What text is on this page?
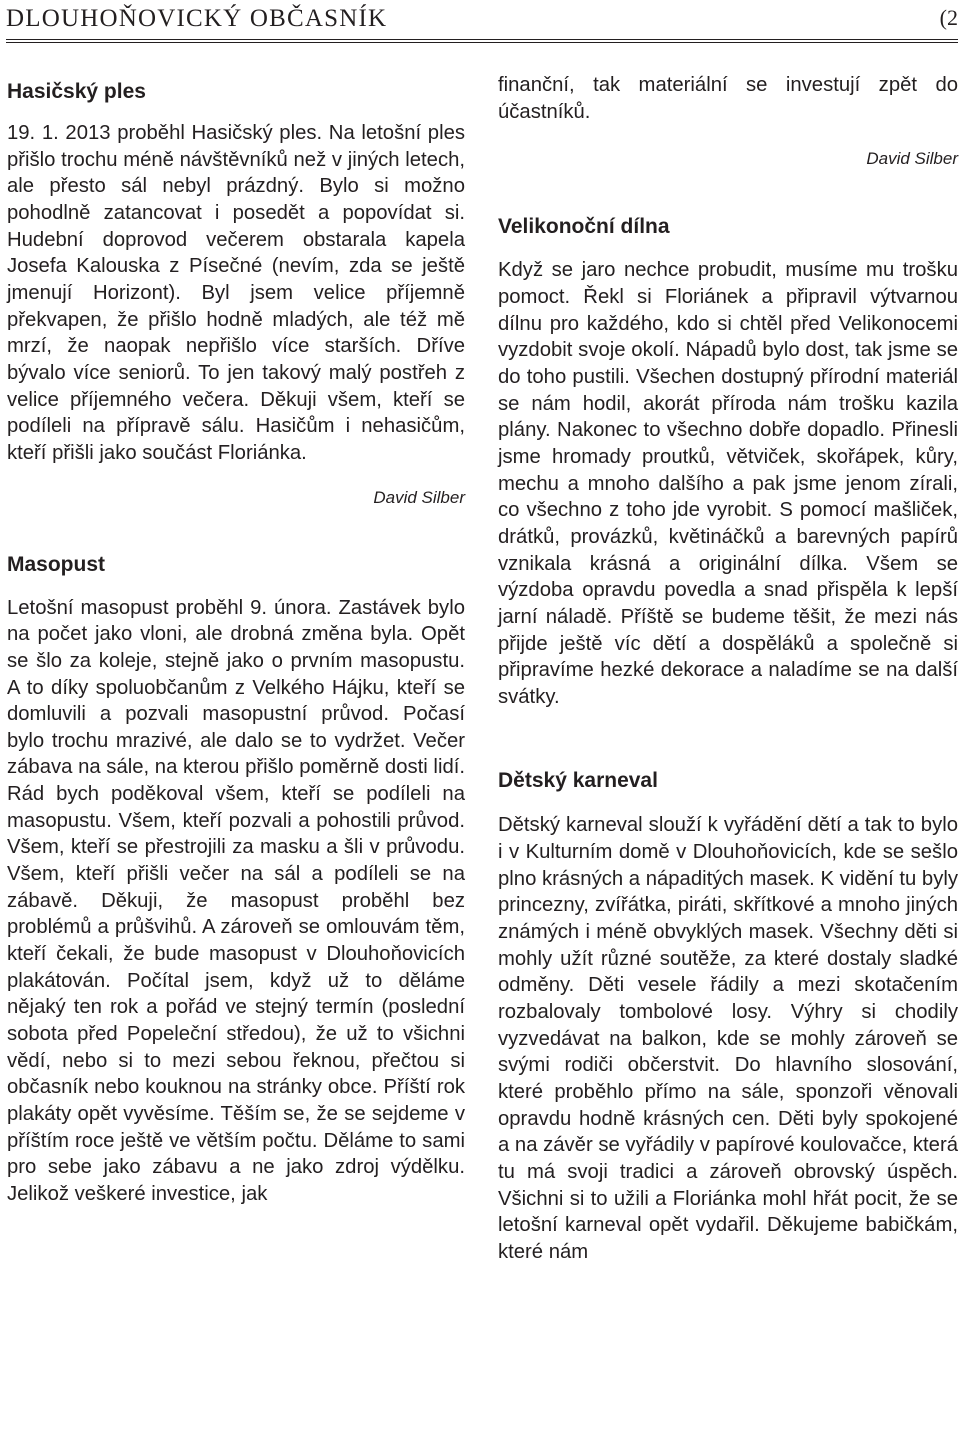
DLOUHOŇOVICKÝ OBČASNÍK	(2
Hasičský ples

19. 1. 2013 proběhl Hasičský ples. Na letošní ples přišlo trochu méně návštěvníků než v jiných letech, ale přesto sál nebyl prázdný. Bylo si možno pohodlně zatancovat i posedět a popovídat si. Hudební doprovod večerem obstarala kapela Josefa Kalouska z Písečné (nevím, zda se ještě jmenují Horizont). Byl jsem velice příjemně překvapen, že přišlo hodně mladých, ale též mě mrzí, že naopak nepřišlo více starších. Dříve bývalo více seniorů. To jen takový malý postřeh z velice příjemného večera. Děkuji všem, kteří se podíleli na přípravě sálu. Hasičům i nehasičům, kteří přišli jako součást Floriánka.

David Silber

Masopust

Letošní masopust proběhl 9. února. Zastávek bylo na počet jako vloni, ale drobná změna byla. Opět se šlo za koleje, stejně jako o prvním masopustu. A to díky spoluobčanům z Velkého Hájku, kteří se domluvili a pozvali masopustní průvod. Počasí bylo trochu mrazivé, ale dalo se to vydržet. Večer zábava na sále, na kterou přišlo poměrně dosti lidí. Rád bych poděkoval všem, kteří se podíleli na masopustu. Všem, kteří pozvali a pohostili průvod. Všem, kteří se přestrojili za masku a šli v průvodu. Všem, kteří přišli večer na sál a podíleli se na zábavě. Děkuji, že masopust proběhl bez problémů a průšvihů. A zároveň se omlouvám těm, kteří čekali, že bude masopust v Dlouhoňovicích plakátován. Počítal jsem, když už to děláme nějaký ten rok a pořád ve stejný termín (poslední sobota před Popeleční středou), že už to všichni vědí, nebo si to mezi sebou řeknou, přečtou si občasník nebo kouknou na stránky obce. Příští rok plakáty opět vyvěsíme. Těším se, že se sejdeme v příštím roce ještě ve větším počtu. Děláme to sami pro sebe jako zábavu a ne jako zdroj výdělku. Jelikož veškeré investice, jak

finanční, tak materiální se investují zpět do účastníků.

David Silber

Velikonoční dílna

Když se jaro nechce probudit, musíme mu trošku pomoct. Řekl si Floriánek a připravil výtvarnou dílnu pro každého, kdo si chtěl před Velikonocemi vyzdobit svoje okolí. Nápadů bylo dost, tak jsme se do toho pustili. Všechen dostupný přírodní materiál se nám hodil, akorát příroda nám trošku kazila plány. Nakonec to všechno dobře dopadlo. Přinesli jsme hromady proutků, větviček, skořápek, kůry, mechu a mnoho dalšího a pak jsme jenom zírali, co všechno z toho jde vyrobit. S pomocí mašliček, drátků, provázků, květináčků a barevných papírů vznikala krásná a originální dílka. Všem se výzdoba opravdu povedla a snad přispěla k lepší jarní náladě. Příště se budeme těšit, že mezi nás přijde ještě víc dětí a dospěláků a společně si připravíme hezké dekorace a naladíme se na další svátky.

Dětský karneval

Dětský karneval slouží k vyřádění dětí a tak to bylo i v Kulturním domě v Dlouhoňovicích, kde se sešlo plno krásných a nápaditých masek. K vidění tu byly princezny, zvířátka, piráti, skřítkové a mnoho jiných známých i méně obvyklých masek. Všechny děti si mohly užít různé soutěže, za které dostaly sladké odměny. Děti vesele řádily a mezi skotačením rozbalovaly tombolové losy. Výhry si chodily vyzvedávat na balkon, kde se mohly zároveň se svými rodiči občerstvit. Do hlavního slosování, které proběhlo přímo na sále, sponzoři věnovali opravdu hodně krásných cen. Děti byly spokojené a na závěr se vyřádily v papírové koulovačce, která tu má svoji tradici a zároveň obrovský úspěch. Všichni si to užili a Floriánka mohl hřát pocit, že se letošní karneval opět vydařil. Děkujeme babičkám, které nám
